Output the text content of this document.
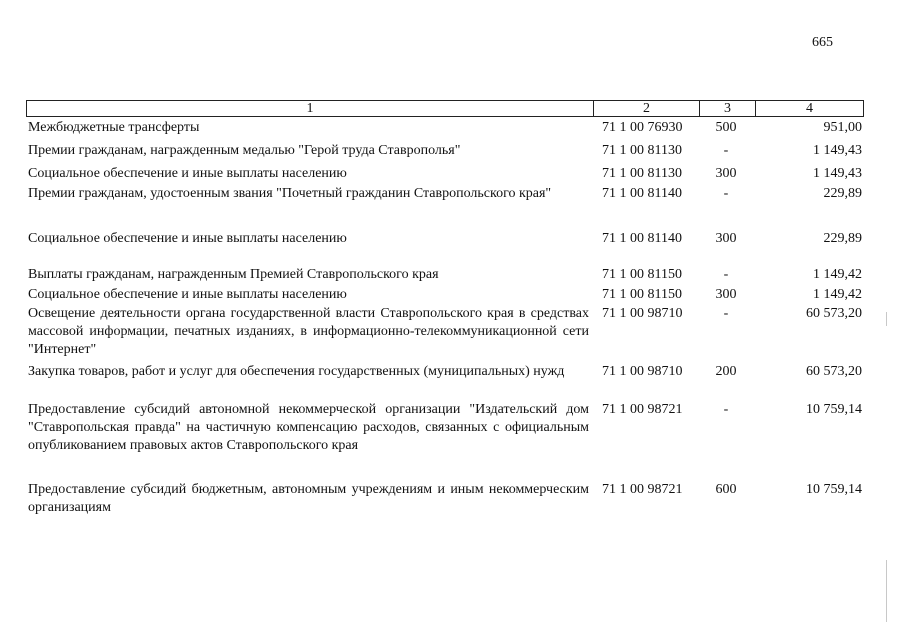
665
1	2	3	4
Межбюджетные трансферты	71 1 00 76930	500	951,00
Премии гражданам, награжденным медалью "Герой труда Ставрополья"	71 1 00 81130	-	1 149,43
Социальное обеспечение и иные выплаты населению	71 1 00 81130	300	1 149,43
Премии гражданам, удостоенным звания "Почетный гражданин Ставропольского края"	71 1 00 81140	-	229,89
Социальное обеспечение и иные выплаты населению	71 1 00 81140	300	229,89
Выплаты гражданам, награжденным Премией Ставропольского края	71 1 00 81150	-	1 149,42
Социальное обеспечение и иные выплаты населению	71 1 00 81150	300	1 149,42
Освещение деятельности органа государственной власти Ставропольского края в средствах массовой информации, печатных изданиях, в информационно-телекоммуникационной сети "Интернет"
71 1 00 98710	-	60 573,20
Закупка товаров, работ и услуг для обеспечения государственных (муниципальных) нужд	71 1 00 98710	200	60 573,20
Предоставление субсидий автономной некоммерческой организации "Издательский дом "Ставропольская правда" на частичную компенсацию расходов, связанных с официальным опубликованием правовых актов Ставропольского края
71 1 00 98721	-	10 759,14
Предоставление субсидий бюджетным, автономным учреждениям и иным некоммерческим организациям
71 1 00 98721	600	10 759,14
